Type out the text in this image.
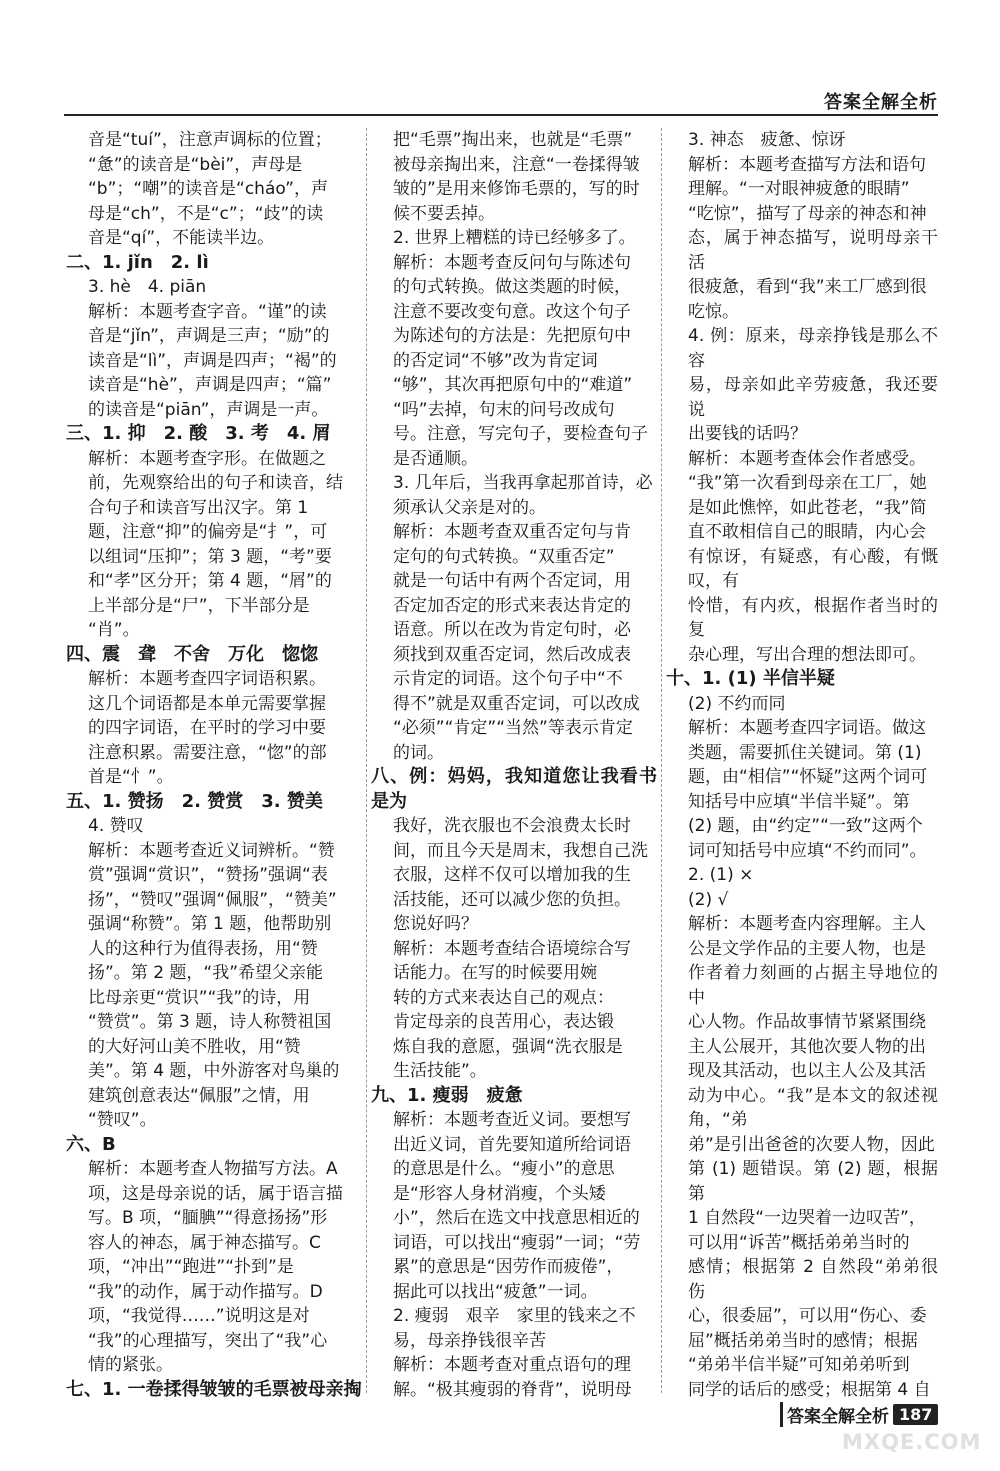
答案全解全析
音是“tuí”，注意声调标的位置；
“惫”的读音是“bèi”，声母是
“b”；“嘲”的读音是“cháo”，声
母是“ch”，不是“c”；“歧”的读
音是“qí”，不能读半边。
二、1. jǐn　2. lì
3. hè　4. piān
解析：本题考查字音。“谨”的读
音是“jǐn”，声调是三声；“励”的
读音是“lì”，声调是四声；“褐”的
读音是“hè”，声调是四声；“篇”
的读音是“piān”，声调是一声。
三、1. 抑　2. 酸　3. 考　4. 屑
解析：本题考查字形。在做题之
前，先观察给出的句子和读音，结
合句子和读音写出汉字。第 1
题，注意“抑”的偏旁是“扌”，可
以组词“压抑”；第 3 题，“考”要
和“孝”区分开；第 4 题，“屑”的
上半部分是“尸”，下半部分是
“肖”。
四、震　聋　不舍　万化　惚惚
解析：本题考查四字词语积累。
这几个词语都是本单元需要掌握
的四字词语，在平时的学习中要
注意积累。需要注意，“惚”的部
首是“忄”。
五、1. 赞扬　2. 赞赏　3. 赞美
4. 赞叹
解析：本题考查近义词辨析。“赞
赏”强调“赏识”，“赞扬”强调“表
扬”，“赞叹”强调“佩服”，“赞美”
强调“称赞”。第 1 题，他帮助别
人的这种行为值得表扬，用“赞
扬”。第 2 题，“我”希望父亲能
比母亲更“赏识”“我”的诗，用
“赞赏”。第 3 题，诗人称赞祖国
的大好河山美不胜收，用“赞
美”。第 4 题，中外游客对鸟巢的
建筑创意表达“佩服”之情，用
“赞叹”。
六、B
解析：本题考查人物描写方法。A
项，这是母亲说的话，属于语言描
写。B 项，“腼腆”“得意扬扬”形
容人的神态，属于神态描写。C
项，“冲出”“跑进”“扑到”是
“我”的动作，属于动作描写。D
项，“我觉得……”说明这是对
“我”的心理描写，突出了“我”心
情的紧张。
七、1. 一卷揉得皱皱的毛票被母亲掏
把“毛票”掏出来，也就是“毛票”
被母亲掏出来，注意“一卷揉得皱
皱的”是用来修饰毛票的，写的时
候不要丢掉。
2. 世界上糟糕的诗已经够多了。
解析：本题考查反问句与陈述句
的句式转换。做这类题的时候，
注意不要改变句意。改这个句子
为陈述句的方法是：先把原句中
的否定词“不够”改为肯定词
“够”，其次再把原句中的“难道”
“吗”去掉，句末的问号改成句
号。注意，写完句子，要检查句子
是否通顺。
3. 几年后，当我再拿起那首诗，必
须承认父亲是对的。
解析：本题考查双重否定句与肯
定句的句式转换。“双重否定”
就是一句话中有两个否定词，用
否定加否定的形式来表达肯定的
语意。所以在改为肯定句时，必
须找到双重否定词，然后改成表
示肯定的词语。这个句子中“不
得不”就是双重否定词，可以改成
“必须”“肯定”“当然”等表示肯定
的词。
八、例：妈妈，我知道您让我看书是为
我好，洗衣服也不会浪费太长时
间，而且今天是周末，我想自己洗
衣服，这样不仅可以增加我的生
活技能，还可以减少您的负担。
您说好吗？
解析：本题考查结合语境综合写
话能力。在写的时候要用婉
转的方式来表达自己的观点：
肯定母亲的良苦用心，表达锻
炼自我的意愿，强调“洗衣服是
生活技能”。
九、1. 瘦弱　疲惫
解析：本题考查近义词。要想写
出近义词，首先要知道所给词语
的意思是什么。“瘦小”的意思
是“形容人身材消瘦，个头矮
小”，然后在选文中找意思相近的
词语，可以找出“瘦弱”一词；“劳
累”的意思是“因劳作而疲倦”，
据此可以找出“疲惫”一词。
2. 瘦弱　艰辛　家里的钱来之不
易，母亲挣钱很辛苦
解析：本题考查对重点语句的理
解。“极其瘦弱的脊背”，说明母
3. 神态　疲惫、惊讶
解析：本题考查描写方法和语句
理解。“一对眼神疲惫的眼睛”
“吃惊”，描写了母亲的神态和神
态，属于神态描写，说明母亲干活
很疲惫，看到“我”来工厂感到很
吃惊。
4. 例：原来，母亲挣钱是那么不容
易，母亲如此辛劳疲惫，我还要说
出要钱的话吗？
解析：本题考查体会作者感受。
“我”第一次看到母亲在工厂，她
是如此憔悴，如此苍老，“我”简
直不敢相信自己的眼睛，内心会
有惊讶，有疑惑，有心酸，有慨叹，有
怜惜，有内疚，根据作者当时的复
杂心理，写出合理的想法即可。
十、1. (1) 半信半疑
(2) 不约而同
解析：本题考查四字词语。做这
类题，需要抓住关键词。第 (1)
题，由“相信”“怀疑”这两个词可
知括号中应填“半信半疑”。第
(2) 题，由“约定”“一致”这两个
词可知括号中应填“不约而同”。
2. (1) ×
(2) √
解析：本题考查内容理解。主人
公是文学作品的主要人物，也是
作者着力刻画的占据主导地位的中
心人物。作品故事情节紧紧围绕
主人公展开，其他次要人物的出
现及其活动，也以主人公及其活
动为中心。“我”是本文的叙述视角，“弟
弟”是引出爸爸的次要人物，因此
第 (1) 题错误。第 (2) 题，根据第
1 自然段“一边哭着一边叹苦”，
可以用“诉苦”概括弟弟当时的
感情；根据第 2 自然段“弟弟很伤
心，很委屈”，可以用“伤心、委
屈”概括弟弟当时的感情；根据
“弟弟半信半疑”可知弟弟听到
同学的话后的感受；根据第 4 自
答案全解全析 187
MXQE.COM
